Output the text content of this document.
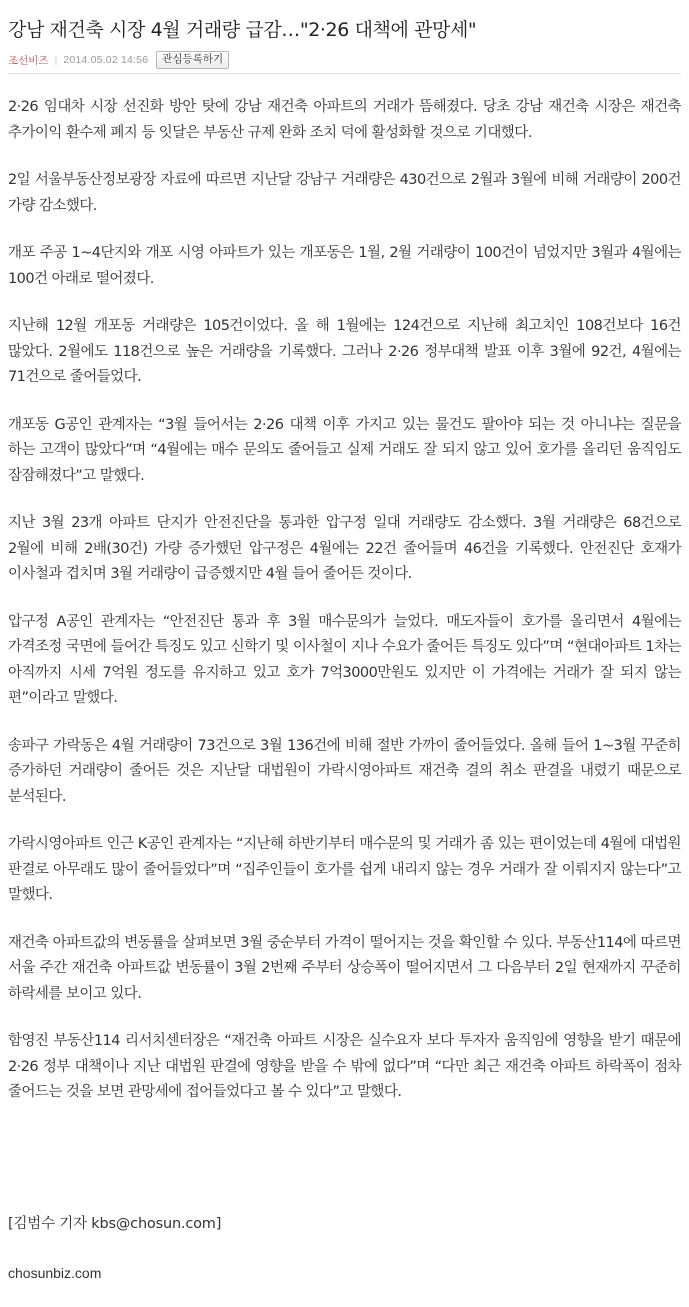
강남 재건축 시장 4월 거래량 급감…"2·26 대책에 관망세"
조선비즈 | 2014.05.02 14:56	관심등록하기

2·26 임대차 시장 선진화 방안 탓에 강남 재건축 아파트의 거래가 뜸해졌다. 당초 강남 재건축 시장은 재건축 추가이익 환수제 폐지 등 잇달은 부동산 규제 완화 조치 덕에 활성화할 것으로 기대했다.

2일 서울부동산정보광장 자료에 따르면 지난달 강남구 거래량은 430건으로 2월과 3월에 비해 거래량이 200건 가량 감소했다.

개포 주공 1~4단지와 개포 시영 아파트가 있는 개포동은 1월, 2월 거래량이 100건이 넘었지만 3월과 4월에는 100건 아래로 떨어졌다.

지난해 12월 개포동 거래량은 105건이었다. 올 해 1월에는 124건으로 지난해 최고치인 108건보다 16건 많았다. 2월에도 118건으로 높은 거래량을 기록했다. 그러나 2·26 정부대책 발표 이후 3월에 92건, 4월에는 71건으로 줄어들었다.

개포동 G공인 관계자는 “3월 들어서는 2·26 대책 이후 가지고 있는 물건도 팔아야 되는 것 아니냐는 질문을 하는 고객이 많았다”며 “4월에는 매수 문의도 줄어들고 실제 거래도 잘 되지 않고 있어 호가를 올리던 움직임도 잠잠해졌다”고 말했다.

지난 3월 23개 아파트 단지가 안전진단을 통과한 압구정 일대 거래량도 감소했다. 3월 거래량은 68건으로 2월에 비해 2배(30건) 가량 증가했던 압구정은 4월에는 22건 줄어들며 46건을 기록했다. 안전진단 호재가 이사철과 겹치며 3월 거래량이 급증했지만 4월 들어 줄어든 것이다.

압구정 A공인 관계자는 “안전진단 통과 후 3월 매수문의가 늘었다. 매도자들이 호가를 올리면서 4월에는 가격조정 국면에 들어간 특징도 있고 신학기 및 이사철이 지나 수요가 줄어든 특징도 있다”며 “현대아파트 1차는 아직까지 시세 7억원 정도를 유지하고 있고 호가 7억3000만원도 있지만 이 가격에는 거래가 잘 되지 않는 편”이라고 말했다.

송파구 가락동은 4월 거래량이 73건으로 3월 136건에 비해 절반 가까이 줄어들었다. 올해 들어 1~3월 꾸준히 증가하던 거래량이 줄어든 것은 지난달 대법원이 가락시영아파트 재건축 결의 취소 판결을 내렸기 때문으로 분석된다.

가락시영아파트 인근 K공인 관계자는 “지난해 하반기부터 매수문의 및 거래가 좀 있는 편이었는데 4월에 대법원 판결로 아무래도 많이 줄어들었다”며 “집주인들이 호가를 쉽게 내리지 않는 경우 거래가 잘 이뤄지지 않는다”고 말했다.

재건축 아파트값의 변동률을 살펴보면 3월 중순부터 가격이 떨어지는 것을 확인할 수 있다. 부동산114에 따르면 서울 주간 재건축 아파트값 변동률이 3월 2번째 주부터 상승폭이 떨어지면서 그 다음부터 2일 현재까지 꾸준히 하락세를 보이고 있다.

함영진 부동산114 리서치센터장은 “재건축 아파트 시장은 실수요자 보다 투자자 움직임에 영향을 받기 때문에 2·26 정부 대책이나 지난 대법원 판결에 영향을 받을 수 밖에 없다”며 “다만 최근 재건축 아파트 하락폭이 점차 줄어드는 것을 보면 관망세에 접어들었다고 볼 수 있다”고 말했다.

[김범수 기자 kbs@chosun.com]
chosunbiz.com
